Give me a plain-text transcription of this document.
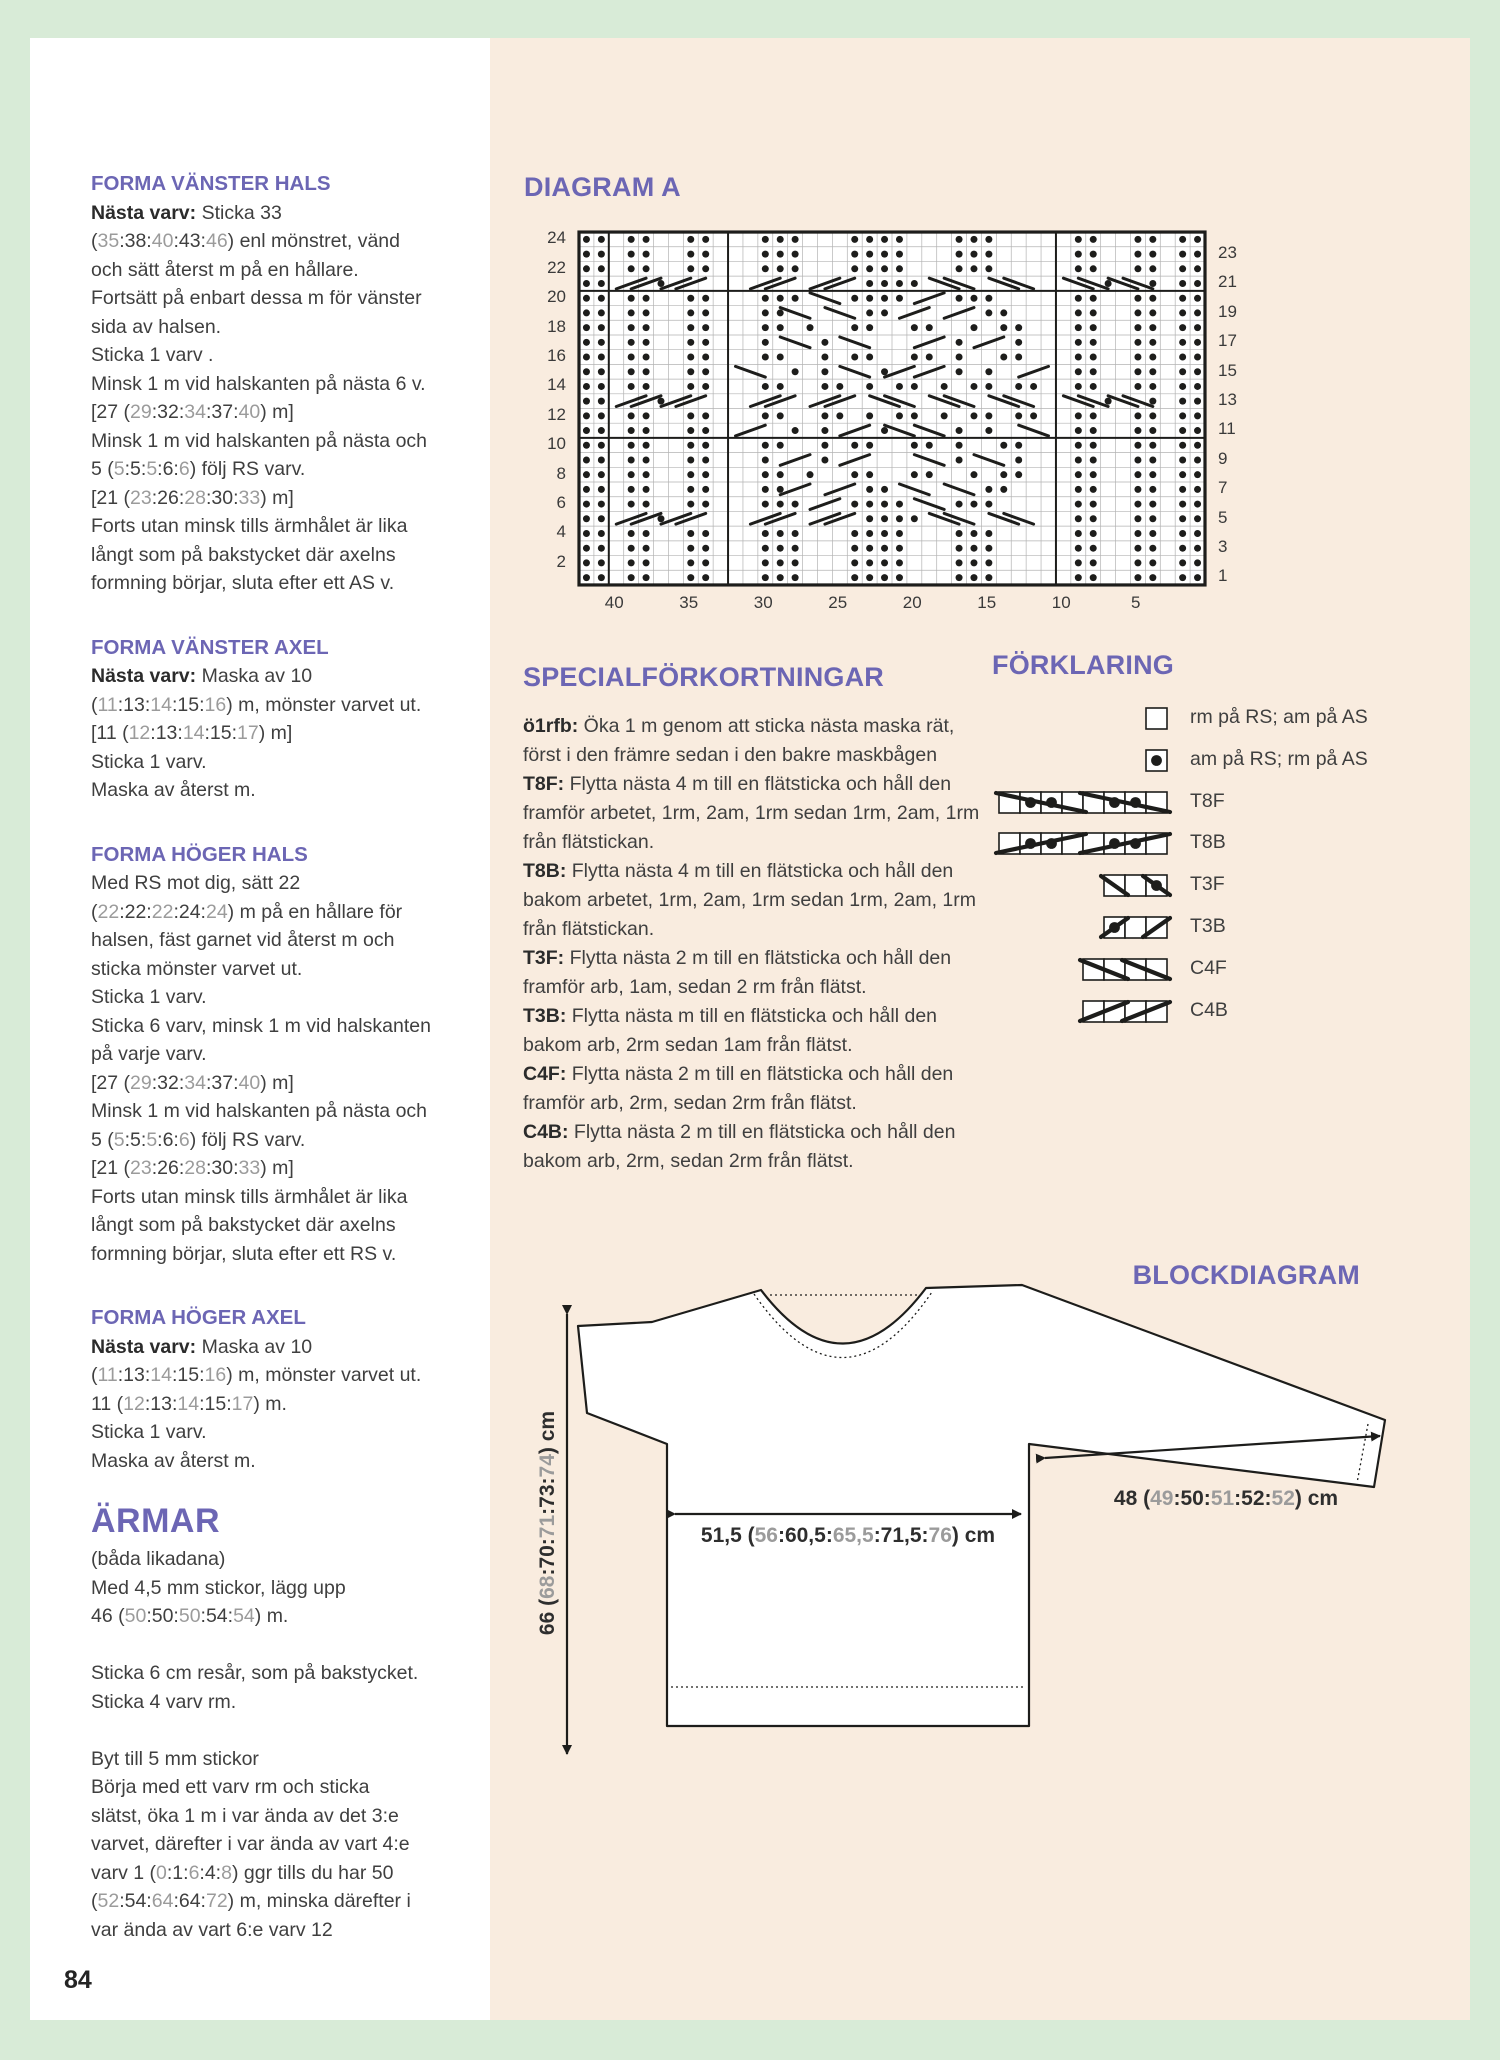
FORMA VÄNSTER HALS
Nästa varv: Sticka 33
(35:38:40:43:46) enl mönstret, vänd
och sätt återst m på en hållare.
Fortsätt på enbart dessa m för vänster
sida av halsen.
Sticka 1 varv .
Minsk 1 m vid halskanten på nästa 6 v.
[27 (29:32:34:37:40) m]
Minsk 1 m vid halskanten på nästa och
5 (5:5:5:6:6) följ RS varv.
[21 (23:26:28:30:33) m]
Forts utan minsk tills ärmhålet är lika
långt som på bakstycket där axelns
formning börjar, sluta efter ett AS v.
FORMA VÄNSTER AXEL
Nästa varv: Maska av 10
(11:13:14:15:16) m, mönster varvet ut.
[11 (12:13:14:15:17) m]
Sticka 1 varv.
Maska av återst m.
FORMA HÖGER HALS
Med RS mot dig, sätt 22
(22:22:22:24:24) m på en hållare för
halsen, fäst garnet vid återst m och
sticka mönster varvet ut.
Sticka 1 varv.
Sticka 6 varv, minsk 1 m vid halskanten
på varje varv.
[27 (29:32:34:37:40) m]
Minsk 1 m vid halskanten på nästa och
5 (5:5:5:6:6) följ RS varv.
[21 (23:26:28:30:33) m]
Forts utan minsk tills ärmhålet är lika
långt som på bakstycket där axelns
formning börjar, sluta efter ett RS v.
FORMA HÖGER AXEL
Nästa varv: Maska av 10
(11:13:14:15:16) m, mönster varvet ut.
11 (12:13:14:15:17) m.
Sticka 1 varv.
Maska av återst m.
ÄRMAR
(båda likadana)
Med 4,5 mm stickor, lägg upp
46 (50:50:50:54:54) m.

Sticka 6 cm resår, som på bakstycket.
Sticka 4 varv rm.

Byt till 5 mm stickor
Börja med ett varv rm och sticka
slätst, öka 1 m i var ända av det 3:e
varvet, därefter i var ända av vart 4:e
varv 1 (0:1:6:4:8) ggr tills du har 50
(52:54:64:64:72) m, minska därefter i
var ända av vart 6:e varv 12
DIAGRAM A
24
22
20
18
16
14
12
10
8
6
4
2
23
21
19
17
15
13
11
9
7
5
3
1
40	35	30	25	20	15	10	5
SPECIALFÖRKORTNINGAR

ö1rfb: Öka 1 m genom att sticka nästa maska rät, först i den främre sedan i den bakre maskbågen

T8F: Flytta nästa 4 m till en flätsticka och håll den framför arbetet, 1rm, 2am, 1rm sedan 1rm, 2am, 1rm från flätstickan.

T8B: Flytta nästa 4 m till en flätsticka och håll den bakom arbetet, 1rm, 2am, 1rm sedan 1rm, 2am, 1rm från flätstickan.

T3F: Flytta nästa 2 m till en flätsticka och håll den framför arb, 1am, sedan 2 rm från flätst.

T3B: Flytta nästa m till en flätsticka och håll den bakom arb, 2rm sedan 1am från flätst.

C4F: Flytta nästa 2 m till en flätsticka och håll den framför arb, 2rm, sedan 2rm från flätst.

C4B: Flytta nästa 2 m till en flätsticka och håll den bakom arb, 2rm, sedan 2rm från flätst.

FÖRKLARING
rm på RS; am på AS
am på RS; rm på AS
T8F
T8B
T3F
T3B
C4F
C4B
BLOCKDIAGRAM
66 (68:70:71:73:74) cm
51,5 (56:60,5:65,5:71,5:76) cm
48 (49:50:51:52:52) cm
84
